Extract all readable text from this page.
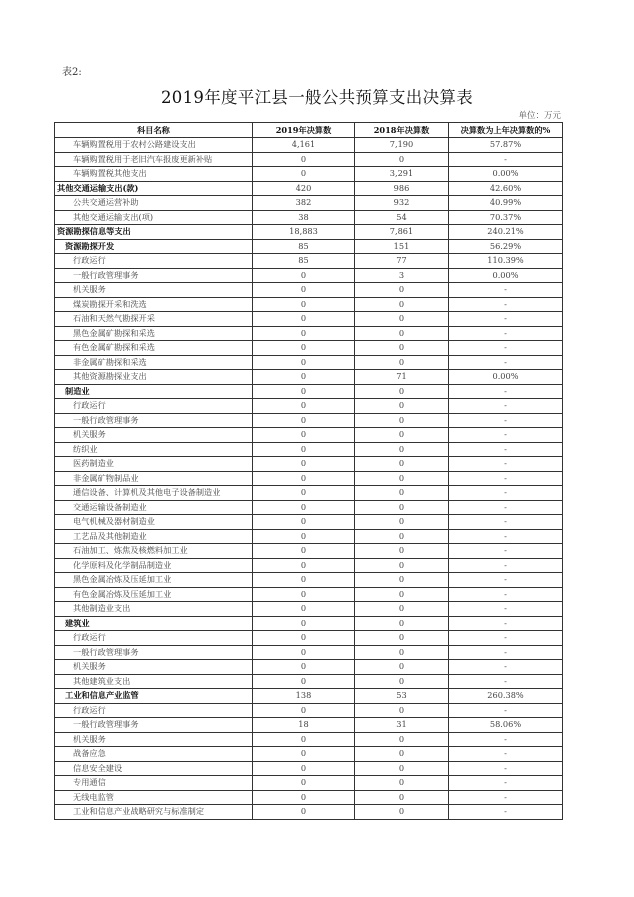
表2:
2019年度平江县一般公共预算支出决算表
单位：万元
科目名称	2019年决算数	2018年决算数	决算数为上年决算数的%
车辆购置税用于农村公路建设支出	4,161	7,190	57.87%
车辆购置税用于老旧汽车报废更新补贴	0	0	-
车辆购置税其他支出	0	3,291	0.00%
其他交通运输支出(款)	420	986	42.60%
公共交通运营补助	382	932	40.99%
其他交通运输支出(项)	38	54	70.37%
资源勘探信息等支出	18,883	7,861	240.21%
资源勘探开发	85	151	56.29%
行政运行	85	77	110.39%
一般行政管理事务	0	3	0.00%
机关服务	0	0	-
煤炭勘探开采和洗选	0	0	-
石油和天然气勘探开采	0	0	-
黑色金属矿勘探和采选	0	0	-
有色金属矿勘探和采选	0	0	-
非金属矿勘探和采选	0	0	-
其他资源勘探业支出	0	71	0.00%
制造业	0	0	-
行政运行	0	0	-
一般行政管理事务	0	0	-
机关服务	0	0	-
纺织业	0	0	-
医药制造业	0	0	-
非金属矿物制品业	0	0	-
通信设备、计算机及其他电子设备制造业	0	0	-
交通运输设备制造业	0	0	-
电气机械及器材制造业	0	0	-
工艺品及其他制造业	0	0	-
石油加工、炼焦及核燃料加工业	0	0	-
化学原料及化学制品制造业	0	0	-
黑色金属冶炼及压延加工业	0	0	-
有色金属冶炼及压延加工业	0	0	-
其他制造业支出	0	0	-
建筑业	0	0	-
行政运行	0	0	-
一般行政管理事务	0	0	-
机关服务	0	0	-
其他建筑业支出	0	0	-
工业和信息产业监管	138	53	260.38%
行政运行	0	0	-
一般行政管理事务	18	31	58.06%
机关服务	0	0	-
战备应急	0	0	-
信息安全建设	0	0	-
专用通信	0	0	-
无线电监管	0	0	-
工业和信息产业战略研究与标准制定	0	0	-
